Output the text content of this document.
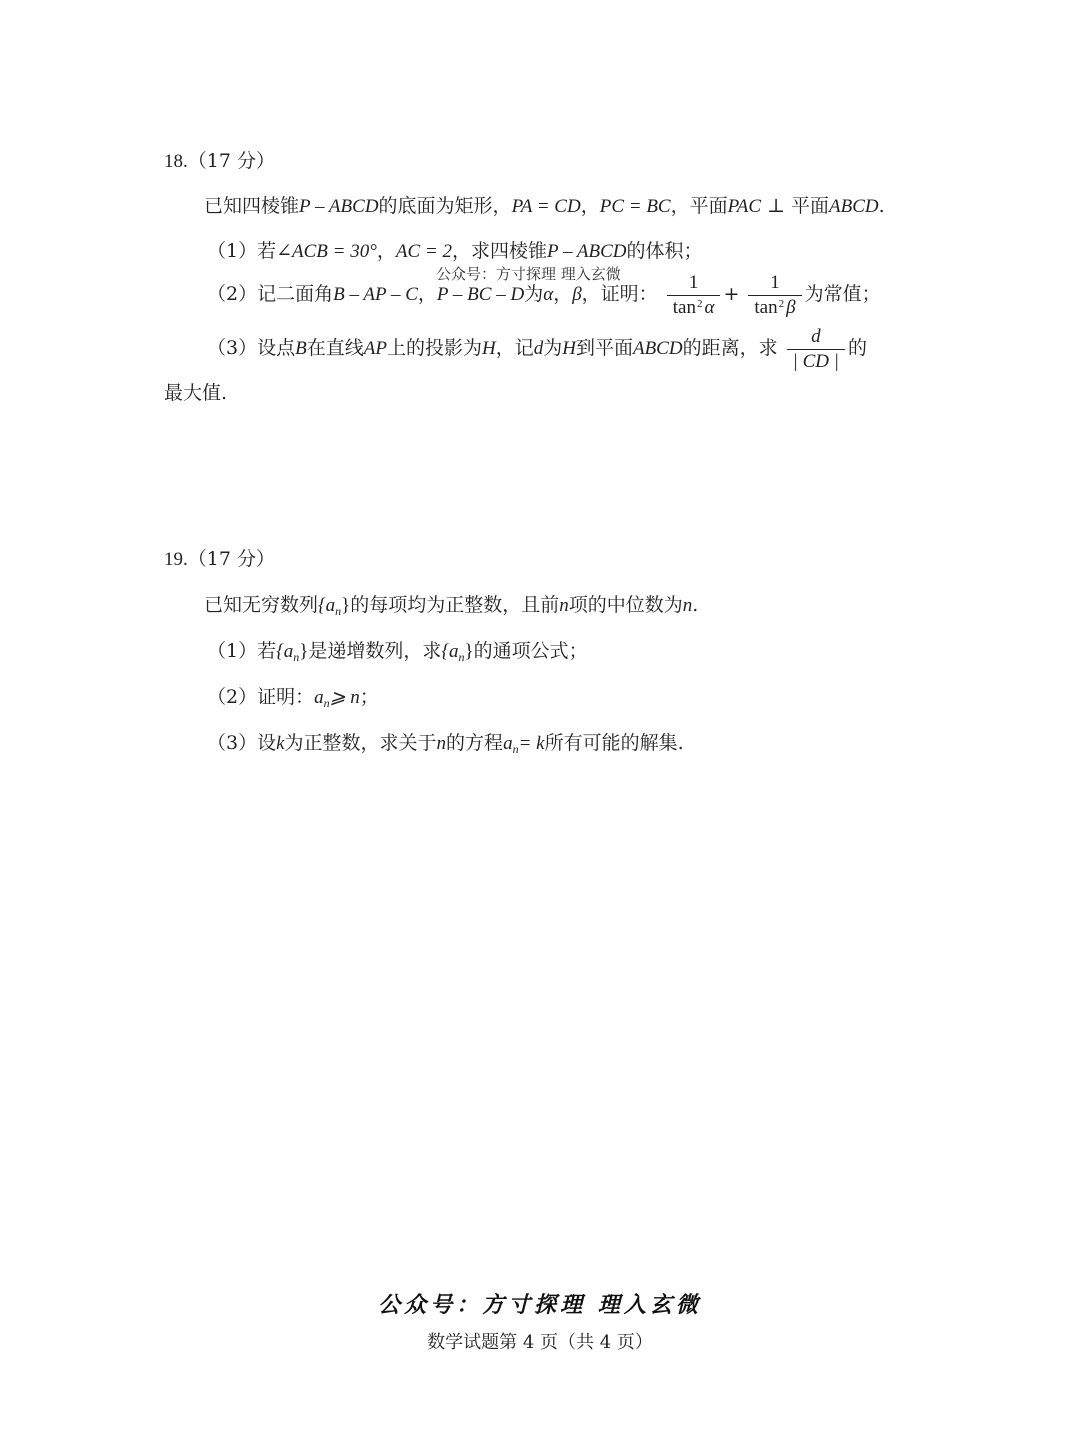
18.（17 分）
已知四棱锥P – ABCD的底面为矩形，PA = CD，PC = BC，平面PAC ⊥ 平面ABCD.
（1）若∠ACB = 30°，AC = 2，求四棱锥P – ABCD的体积；
公众号：方寸探理 理入玄微
（2）记二面角B – AP – C，P – BC – D为α，β，证明： $\frac{1}{\tan^2 \alpha} + \frac{1}{\tan^2 \beta}$ 为常值；
（3）设点B在直线AP上的投影为H，记d为H到平面ABCD的距离，求 $\frac{d}{| CD |}$ 的
最大值.
19.（17 分）
已知无穷数列$\{a_n\}$的每项均为正整数，且前n项的中位数为n.
（1）若$\{a_n\}$是递增数列，求$\{a_n\}$的通项公式；
（2）证明：$a_n⩾$ n；
（3）设k为正整数，求关于n的方程$a_n= k$所有可能的解集.
公众号：方寸探理 理入玄微
数学试题第 4 页（共 4 页）
